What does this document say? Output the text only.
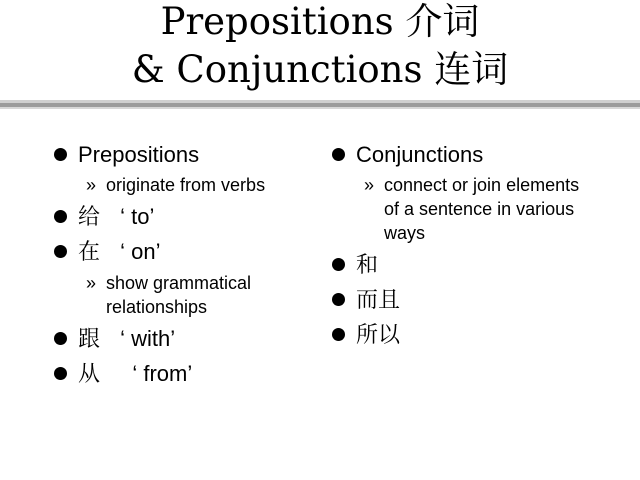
Prepositions 介词
& Conjunctions 连词
Prepositions
» originate from verbs
给 ‘ to’
在 ‘ on’
» show grammatical relationships
跟 ‘ with’
从   ‘ from’
Conjunctions
» connect or join elements of a sentence in various ways
和
而且
所以
